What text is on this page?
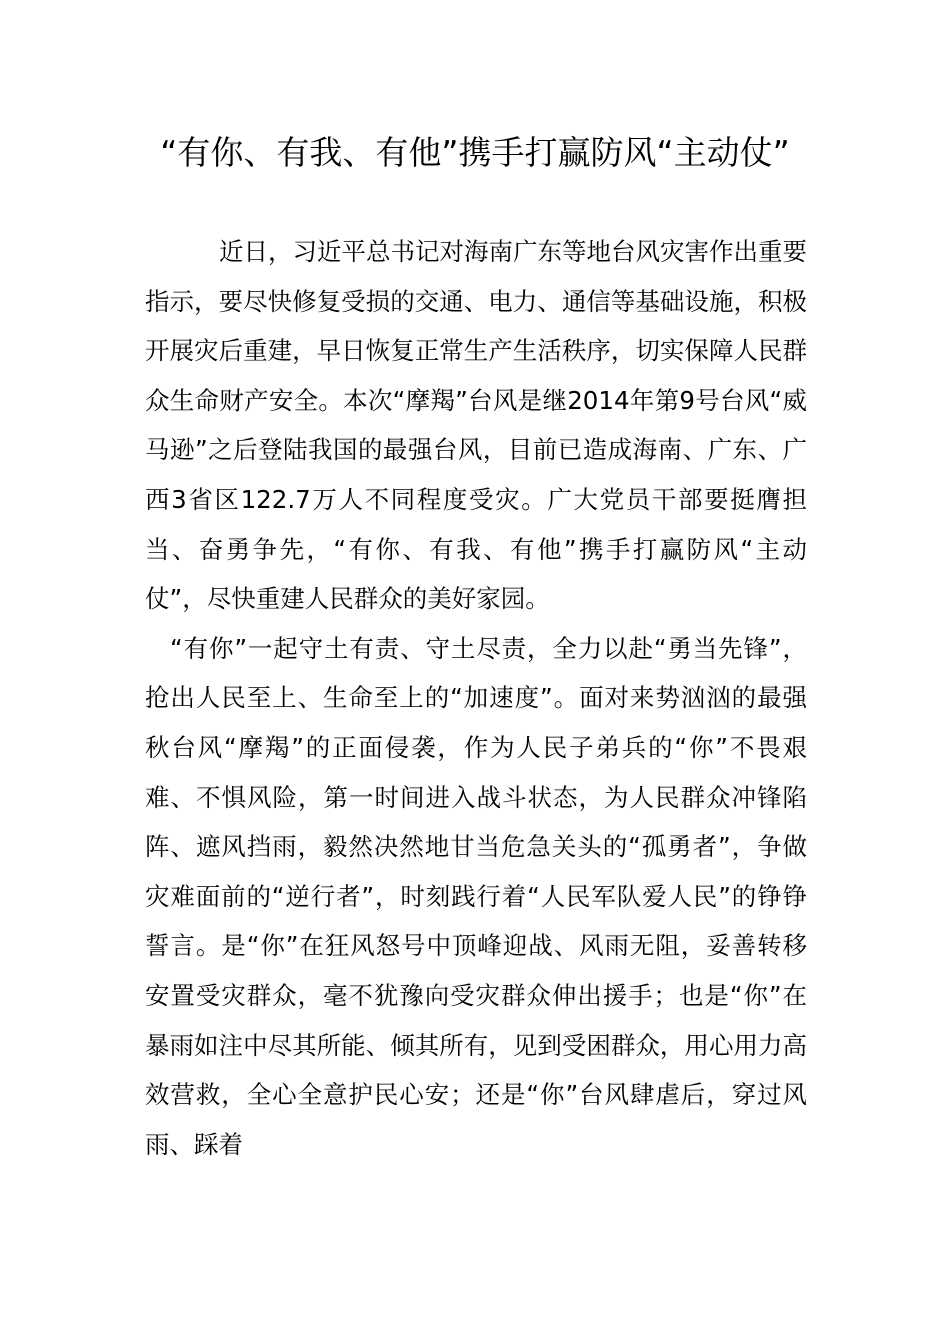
“有你、有我、有他”携手打赢防风“主动仗”

近日，习近平总书记对海南广东等地台风灾害作出重要指示，要尽快修复受损的交通、电力、通信等基础设施，积极开展灾后重建，早日恢复正常生产生活秩序，切实保障人民群众生命财产安全。本次“摩羯”台风是继2014年第9号台风“威马逊”之后登陆我国的最强台风，目前已造成海南、广东、广西3省区122.7万人不同程度受灾。广大党员干部要挺膺担当、奋勇争先，“有你、有我、有他”携手打赢防风“主动仗”，尽快重建人民群众的美好家园。

“有你”一起守土有责、守土尽责，全力以赴“勇当先锋”，抢出人民至上、生命至上的“加速度”。面对来势汹汹的最强秋台风“摩羯”的正面侵袭，作为人民子弟兵的“你”不畏艰难、不惧风险，第一时间进入战斗状态，为人民群众冲锋陷阵、遮风挡雨，毅然决然地甘当危急关头的“孤勇者”，争做灾难面前的“逆行者”，时刻践行着“人民军队爱人民”的铮铮誓言。是“你”在狂风怒号中顶峰迎战、风雨无阻，妥善转移安置受灾群众，毫不犹豫向受灾群众伸出援手；也是“你”在暴雨如注中尽其所能、倾其所有，见到受困群众，用心用力高效营救，全心全意护民心安；还是“你”台风肆虐后，穿过风雨、踩着
